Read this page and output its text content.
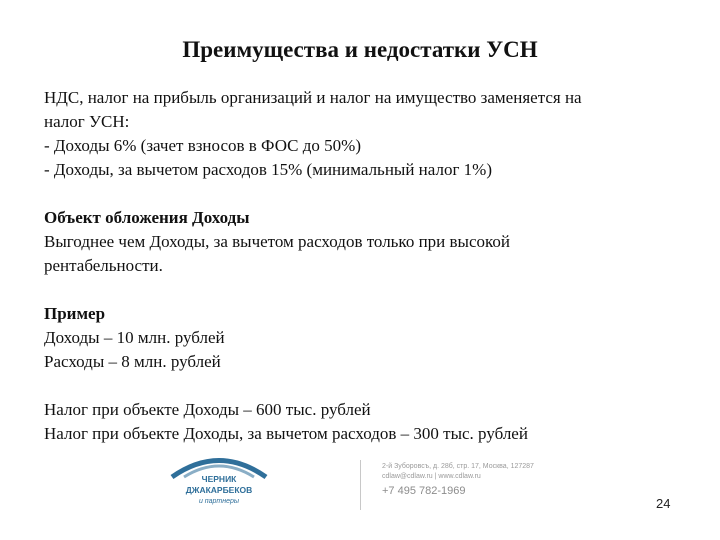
Преимущества и недостатки УСН

НДС, налог на прибыль организаций и налог на имущество заменяется на

налог УСН:

- Доходы 6% (зачет взносов в ФОС до 50%)

- Доходы, за вычетом расходов 15% (минимальный налог 1%)

Объект обложения Доходы

Выгоднее чем Доходы, за вычетом расходов только при высокой

рентабельности.

Пример

Доходы – 10 млн. рублей

Расходы – 8 млн. рублей

Налог при объекте Доходы – 600 тыс. рублей

Налог при объекте Доходы, за вычетом расходов – 300 тыс. рублей

ЧЕРНИК
ДЖАКАРБЕКОВ
и партнеры
2-й Зуборовсъ, д. 28б, стр. 17, Москва, 127287
cdlaw@cdlaw.ru | www.cdlaw.ru
+7 495 782-1969
24
